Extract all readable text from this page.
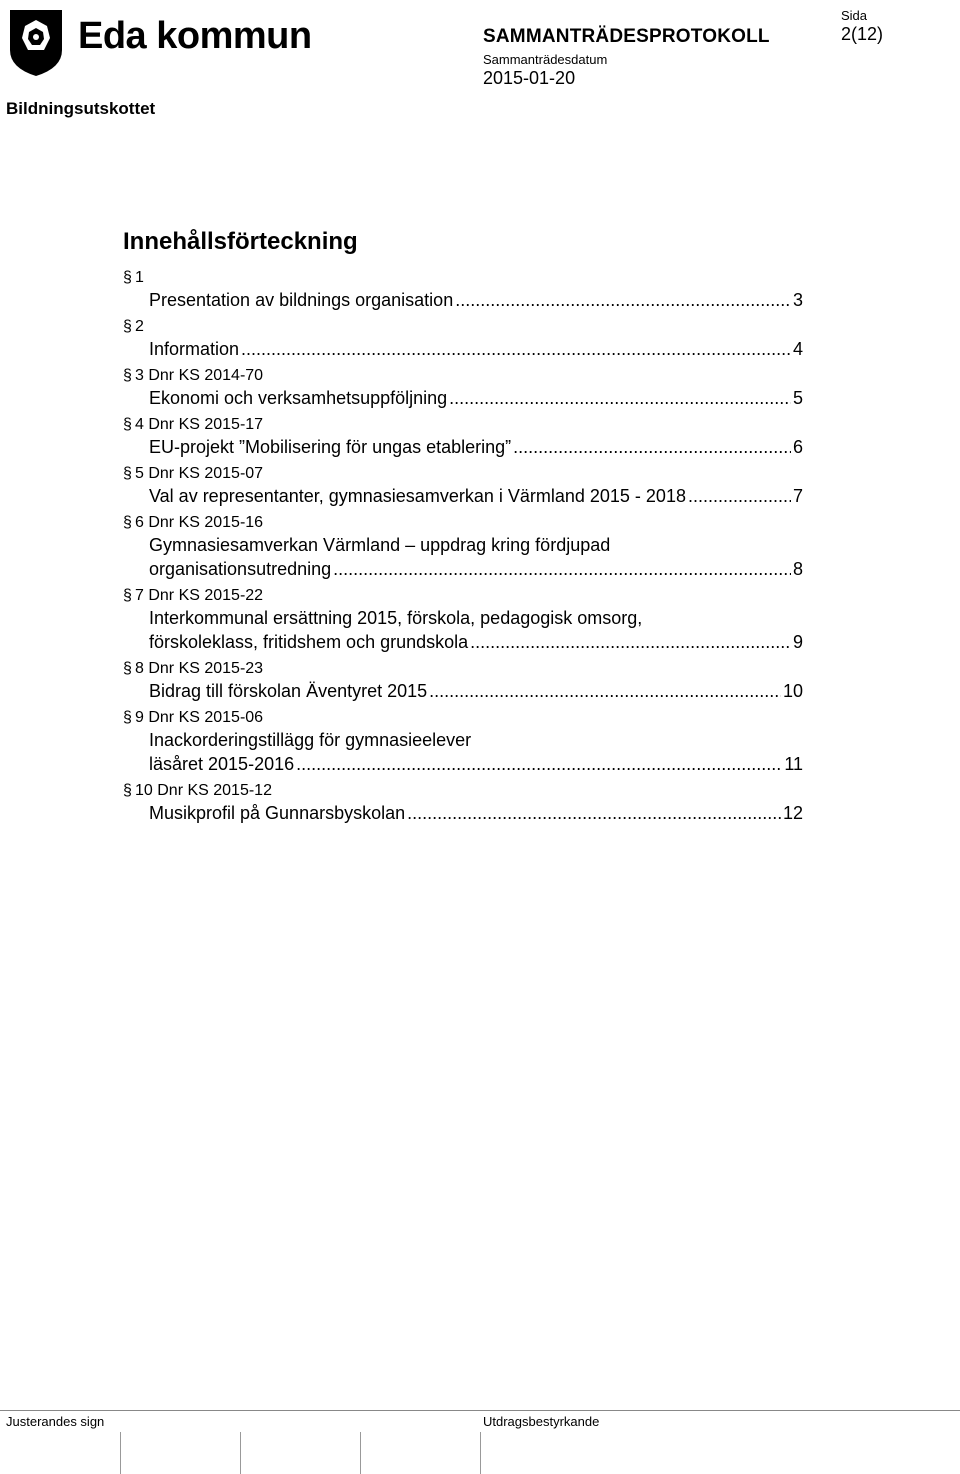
Eda kommun
Bildningsutskottet
SAMMANTRÄDESPROTOKOLL
Sammanträdesdatum
2015-01-20
Sida
2(12)
Innehållsförteckning
§ 1
Presentation av bildnings organisation .....	3
§ 2
Information .....	4
§ 3 Dnr KS 2014-70
Ekonomi och verksamhetsuppföljning .....	5
§ 4 Dnr KS 2015-17
EU-projekt ”Mobilisering för ungas etablering” .....	6
§ 5 Dnr KS 2015-07
Val av representanter, gymnasiesamverkan i Värmland 2015 - 2018 .....	7
§ 6 Dnr KS 2015-16
Gymnasiesamverkan Värmland – uppdrag kring fördjupad
organisationsutredning .....	8
§ 7 Dnr KS 2015-22
Interkommunal ersättning 2015, förskola, pedagogisk omsorg,
förskoleklass, fritidshem och grundskola .....	9
§ 8 Dnr KS 2015-23
Bidrag till förskolan Äventyret 2015 .....	10
§ 9 Dnr KS 2015-06
Inackorderingstillägg för gymnasieelever
läsåret 2015-2016 .....	11
§ 10 Dnr KS 2015-12
Musikprofil på Gunnarsbyskolan .....	12
Justerandes sign	Utdragsbestyrkande
